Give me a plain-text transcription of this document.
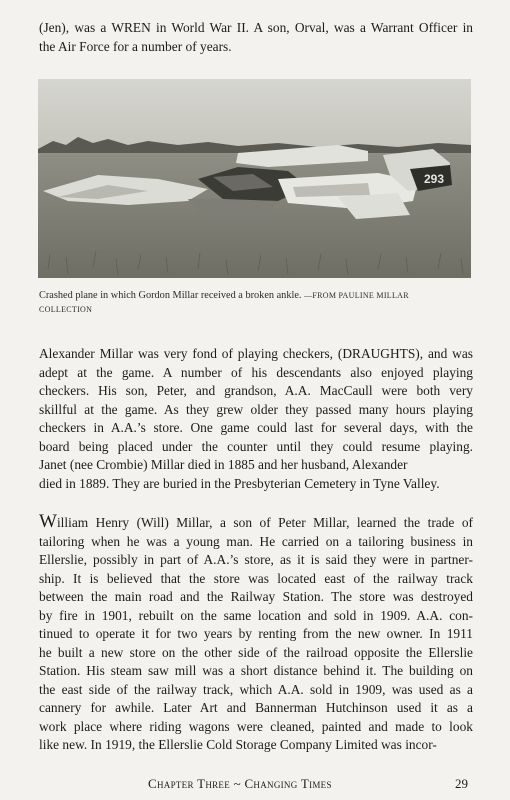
(Jen), was a WREN in World War II. A son, Orval, was a Warrant Officer in
the Air Force for a number of years.

293
Crashed plane in which Gordon Millar received a broken ankle. —FROM PAULINE MILLAR
COLLECTION

Alexander Millar was very fond of playing checkers, (DRAUGHTS), and was
adept at the game. A number of his descendants also enjoyed playing
checkers. His son, Peter, and grandson, A.A. MacCaull were both very
skillful at the game. As they grew older they passed many hours playing
checkers in A.A.’s store. One game could last for several days, with the
board being placed under the counter until they could resume playing.
Janet (nee Crombie) Millar died in 1885 and her husband, Alexander
died in 1889. They are buried in the Presbyterian Cemetery in Tyne Valley.

William Henry (Will) Millar, a son of Peter Millar, learned the trade of
tailoring when he was a young man. He carried on a tailoring business in
Ellerslie, possibly in part of A.A.’s store, as it is said they were in partner-
ship. It is believed that the store was located east of the railway track
between the main road and the Railway Station. The store was destroyed
by fire in 1901, rebuilt on the same location and sold in 1909. A.A. con-
tinued to operate it for two years by renting from the new owner. In 1911
he built a new store on the other side of the railroad opposite the Ellerslie
Station. His steam saw mill was a short distance behind it. The building on
the east side of the railway track, which A.A. sold in 1909, was used as a
cannery for awhile. Later Art and Bannerman Hutchinson used it as a
work place where riding wagons were cleaned, painted and made to look
like new. In 1919, the Ellerslie Cold Storage Company Limited was incor-

Chapter Three ~ Changing Times	29
